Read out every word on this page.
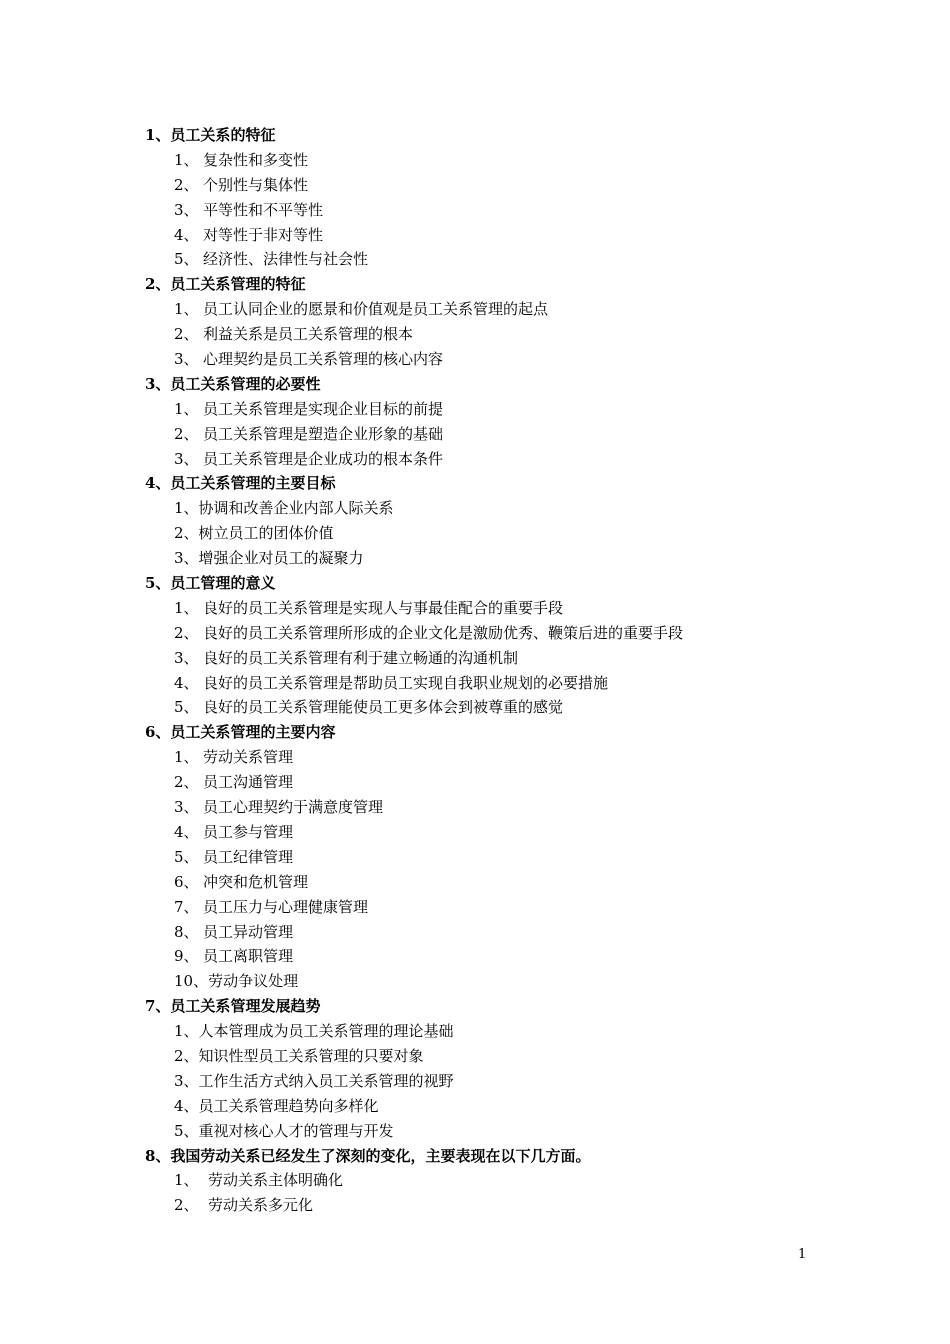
1、员工关系的特征
1、 复杂性和多变性
2、 个别性与集体性
3、 平等性和不平等性
4、 对等性于非对等性
5、 经济性、法律性与社会性
2、员工关系管理的特征
1、 员工认同企业的愿景和价值观是员工关系管理的起点
2、 利益关系是员工关系管理的根本
3、 心理契约是员工关系管理的核心内容
3、员工关系管理的必要性
1、 员工关系管理是实现企业目标的前提
2、 员工关系管理是塑造企业形象的基础
3、 员工关系管理是企业成功的根本条件
4、员工关系管理的主要目标
1、协调和改善企业内部人际关系
2、树立员工的团体价值
3、增强企业对员工的凝聚力
5、员工管理的意义
1、 良好的员工关系管理是实现人与事最佳配合的重要手段
2、 良好的员工关系管理所形成的企业文化是激励优秀、鞭策后进的重要手段
3、 良好的员工关系管理有利于建立畅通的沟通机制
4、 良好的员工关系管理是帮助员工实现自我职业规划的必要措施
5、 良好的员工关系管理能使员工更多体会到被尊重的感觉
6、员工关系管理的主要内容
1、 劳动关系管理
2、 员工沟通管理
3、 员工心理契约于满意度管理
4、 员工参与管理
5、 员工纪律管理
6、 冲突和危机管理
7、 员工压力与心理健康管理
8、 员工异动管理
9、 员工离职管理
10、劳动争议处理
7、员工关系管理发展趋势
1、人本管理成为员工关系管理的理论基础
2、知识性型员工关系管理的只要对象
3、工作生活方式纳入员工关系管理的视野
4、员工关系管理趋势向多样化
5、重视对核心人才的管理与开发
8、我国劳动关系已经发生了深刻的变化，主要表现在以下几方面。
1、 劳动关系主体明确化
2、 劳动关系多元化
1
